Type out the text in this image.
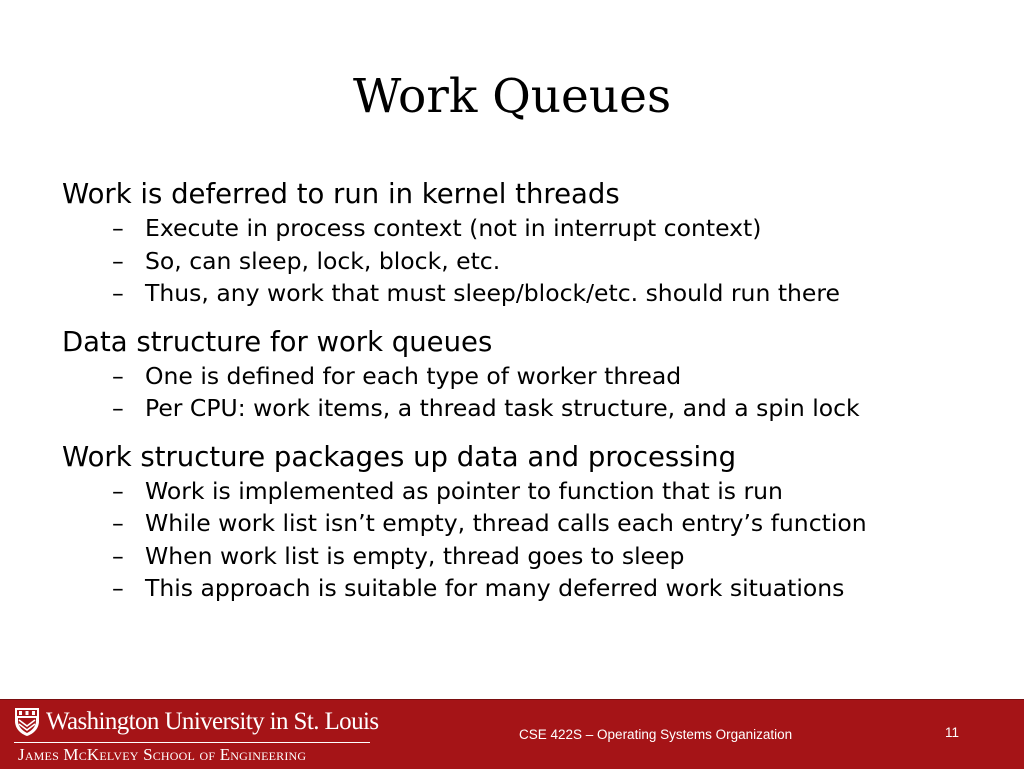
Work Queues
Work is deferred to run in kernel threads
– Execute in process context (not in interrupt context)
– So, can sleep, lock, block, etc.
– Thus, any work that must sleep/block/etc. should run there
Data structure for work queues
– One is defined for each type of worker thread
– Per CPU: work items, a thread task structure, and a spin lock
Work structure packages up data and processing
– Work is implemented as pointer to function that is run
– While work list isn’t empty, thread calls each entry’s function
– When work list is empty, thread goes to sleep
– This approach is suitable for many deferred work situations
Washington University in St. Louis
James McKelvey School of Engineering
CSE 422S – Operating Systems Organization	11
